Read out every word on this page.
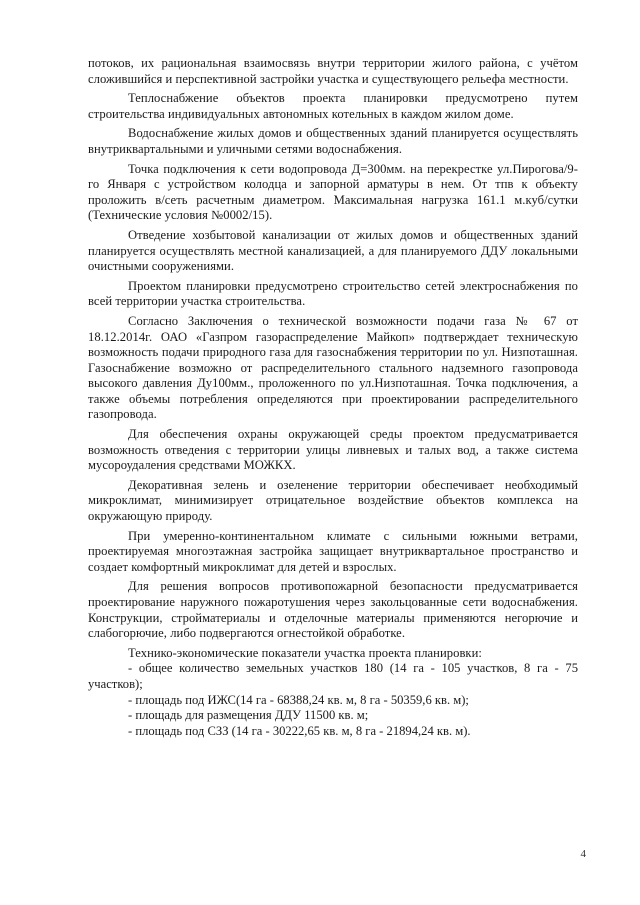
потоков, их рациональная взаимосвязь внутри территории жилого района, с учётом сложившийся и перспективной застройки участка и существующего рельефа местности.

Теплоснабжение объектов проекта планировки предусмотрено путем строительства индивидуальных автономных котельных в каждом жилом доме.

Водоснабжение жилых домов и общественных зданий планируется осуществлять внутриквартальными и уличными сетями водоснабжения.

Точка подключения к сети водопровода Д=300мм. на перекрестке ул.Пирогова/9-го Января с устройством колодца и запорной арматуры в нем. От тпв к объекту проложить в/сеть расчетным диаметром. Максимальная нагрузка 161.1 м.куб/сутки (Технические условия №0002/15).

Отведение хозбытовой канализации от жилых домов и общественных зданий планируется осуществлять местной канализацией, а для планируемого ДДУ локальными очистными сооружениями.

Проектом планировки предусмотрено строительство сетей электроснабжения по всей территории участка строительства.

Согласно Заключения о технической возможности подачи газа № 67 от 18.12.2014г. ОАО «Газпром газораспределение Майкоп» подтверждает техническую возможность подачи природного газа для газоснабжения территории по ул. Низпоташная. Газоснабжение возможно от распределительного стального надземного газопровода высокого давления Ду100мм., проложенного по ул.Низпоташная. Точка подключения, а также объемы потребления определяются при проектировании распределительного газопровода.

Для обеспечения охраны окружающей среды проектом предусматривается возможность отведения с территории улицы ливневых и талых вод, а также система мусороудаления средствами МОЖКХ.

Декоративная зелень и озеленение территории обеспечивает необходимый микроклимат, минимизирует отрицательное воздействие объектов комплекса на окружающую природу.

При умеренно-континентальном климате с сильными южными ветрами, проектируемая многоэтажная застройка защищает внутриквартальное пространство и создает комфортный микроклимат для детей и взрослых.

Для решения вопросов противопожарной безопасности предусматривается проектирование наружного пожаротушения через закольцованные сети водоснабжения. Конструкции, стройматериалы и отделочные материалы применяются негорючие и слабогорючие, либо подвергаются огнестойкой обработке.

Технико-экономические показатели участка проекта планировки:

- общее количество земельных участков 180 (14 га - 105 участков, 8 га - 75 участков);

- площадь под ИЖС(14 га - 68388,24 кв. м, 8 га - 50359,6 кв. м);

- площадь для размещения ДДУ 11500 кв. м;

- площадь под СЗЗ (14 га - 30222,65 кв. м, 8 га - 21894,24 кв. м).

4
